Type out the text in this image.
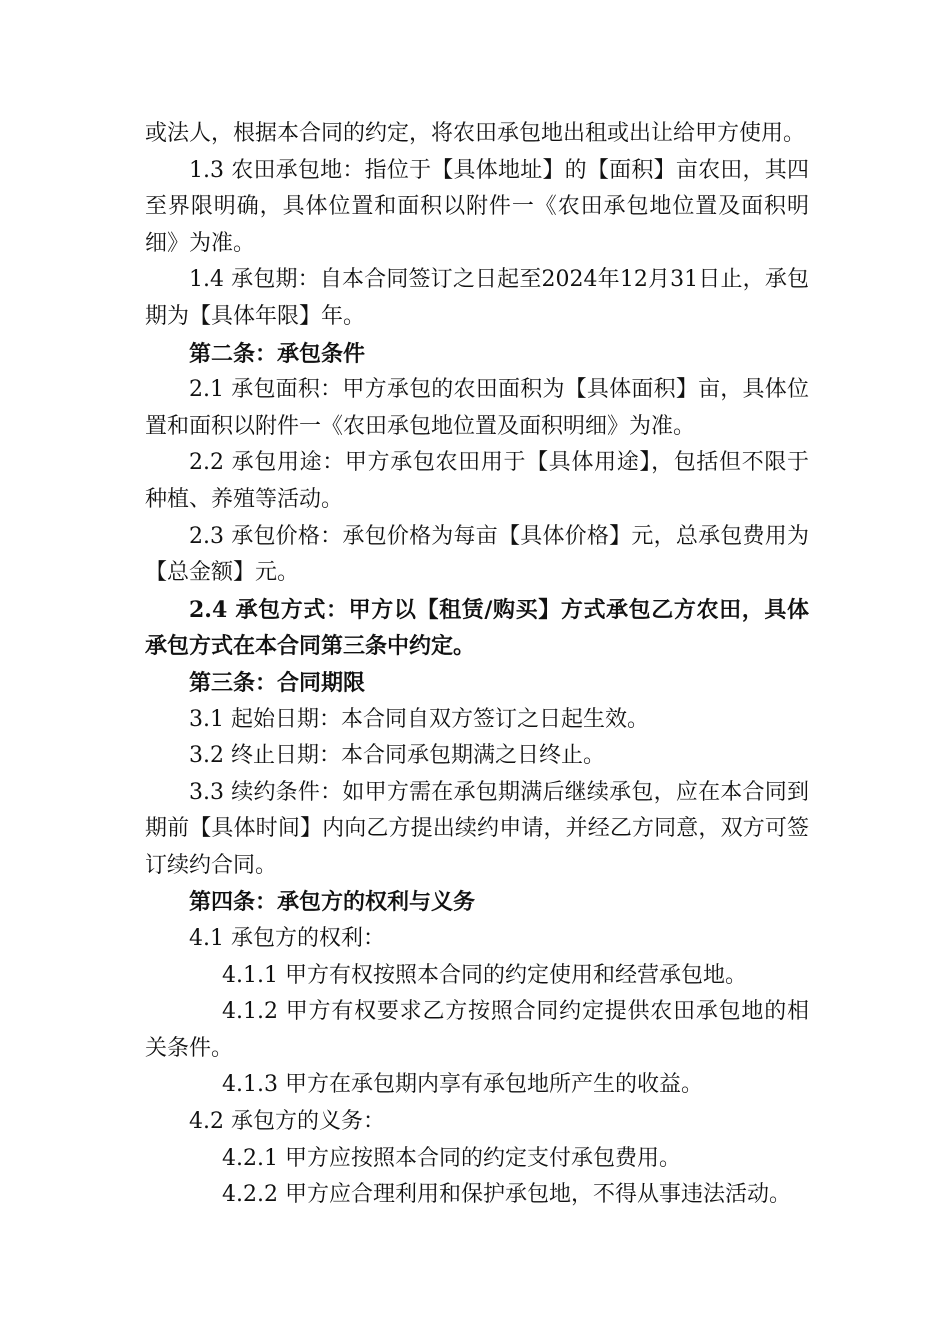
或法人，根据本合同的约定，将农田承包地出租或出让给甲方使用。

1.3 农田承包地：指位于【具体地址】的【面积】亩农田，其四至界限明确，具体位置和面积以附件一《农田承包地位置及面积明细》为准。

1.4 承包期：自本合同签订之日起至2024年12月31日止，承包期为【具体年限】年。

第二条：承包条件

2.1 承包面积：甲方承包的农田面积为【具体面积】亩，具体位置和面积以附件一《农田承包地位置及面积明细》为准。

2.2 承包用途：甲方承包农田用于【具体用途】，包括但不限于种植、养殖等活动。

2.3 承包价格：承包价格为每亩【具体价格】元，总承包费用为【总金额】元。

2.4 承包方式：甲方以【租赁/购买】方式承包乙方农田，具体承包方式在本合同第三条中约定。

第三条：合同期限

3.1 起始日期：本合同自双方签订之日起生效。

3.2 终止日期：本合同承包期满之日终止。

3.3 续约条件：如甲方需在承包期满后继续承包，应在本合同到期前【具体时间】内向乙方提出续约申请，并经乙方同意，双方可签订续约合同。

第四条：承包方的权利与义务

4.1 承包方的权利：

4.1.1 甲方有权按照本合同的约定使用和经营承包地。

4.1.2 甲方有权要求乙方按照合同约定提供农田承包地的相关条件。

4.1.3 甲方在承包期内享有承包地所产生的收益。

4.2 承包方的义务：

4.2.1 甲方应按照本合同的约定支付承包费用。

4.2.2 甲方应合理利用和保护承包地，不得从事违法活动。
